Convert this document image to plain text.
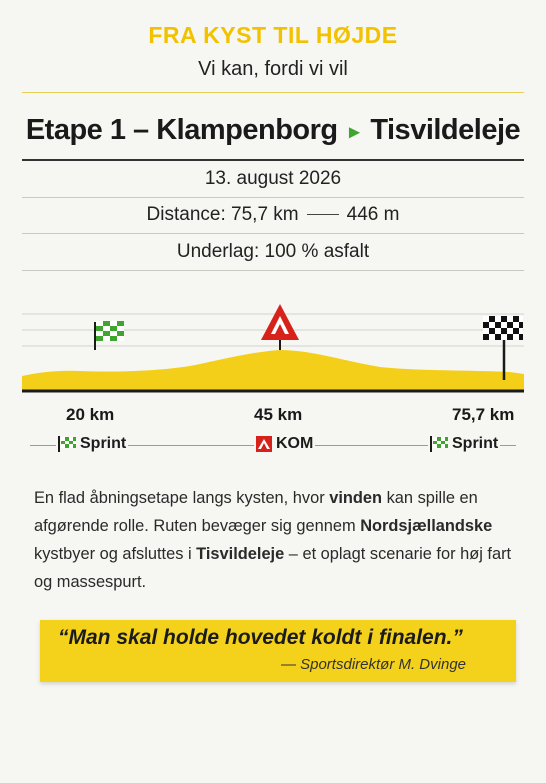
FRA KYST TIL HØJDE
Vi kan, fordi vi vil
Etape 1 – Klampenborg ▸ Tisvildeleje
13. august 2026
Distance: 75,7 km	446 m
Underlag: 100 % asfalt
20 km	45 km	75,7 km
Sprint	KOM	Sprint
En flad åbningsetape langs kysten, hvor vinden kan spille en afgørende rolle. Ruten bevæger sig gennem Nordsjællandske kystbyer og afsluttes i Tisvildeleje – et oplagt scenarie for høj fart og massespurt.
“Man skal holde hovedet koldt i finalen.”
— Sportsdirektør M. Dvinge
